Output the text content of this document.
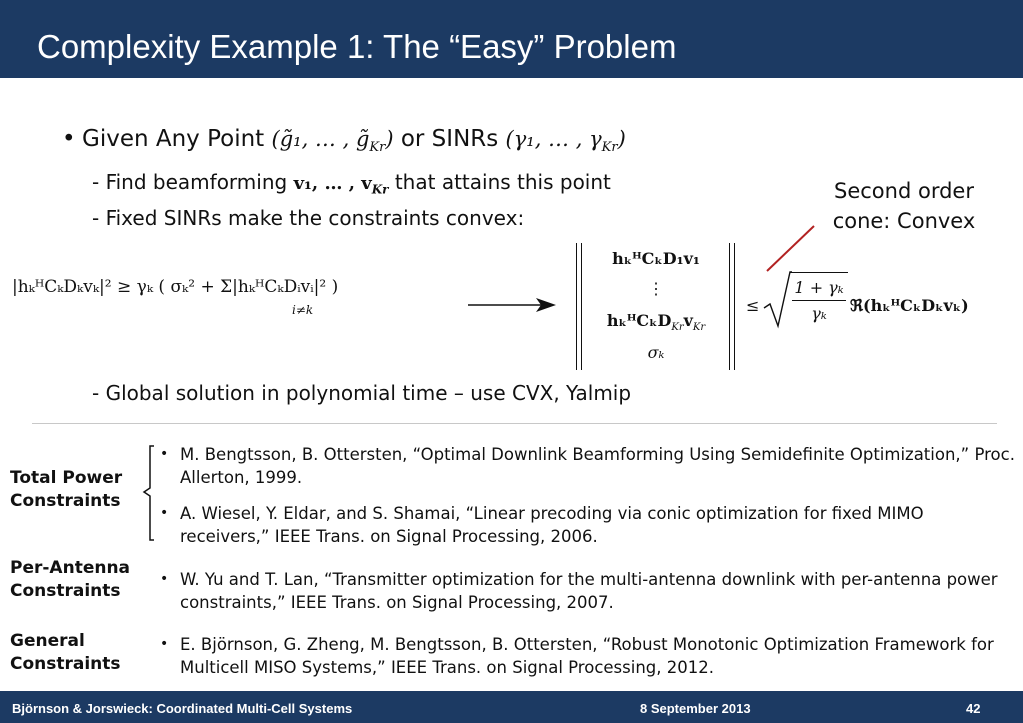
Complexity Example 1: The “Easy” Problem
• Given Any Point (g̃₁, … , $g̃_{Kr}$) or SINRs (γ₁, … , $\gamma_{Kr}$)
- Find beamforming v₁, … , $v_{Kr}$ that attains this point
- Fixed SINRs make the constraints convex:
Second order
cone: Convex
|hₖᴴCₖDₖvₖ|² ≥ γₖ ( σₖ² + Σ|hₖᴴCₖDᵢvᵢ|² )
i≠k
hₖᴴCₖD₁v₁
⋮
$h_kᴴC_kD_{Kr}v_{Kr}$
σₖ
≤
1 + γₖ
γₖ	ℜ(hₖᴴCₖDₖvₖ)
- Global solution in polynomial time – use CVX, Yalmip
Total Power
Constraints
Per-Antenna
Constraints
General
Constraints
• M. Bengtsson, B. Ottersten, “Optimal Downlink Beamforming Using Semidefinite Optimization,” Proc. Allerton, 1999.
• A. Wiesel, Y. Eldar, and S. Shamai, “Linear precoding via conic optimization for fixed MIMO receivers,” IEEE Trans. on Signal Processing, 2006.
• W. Yu and T. Lan, “Transmitter optimization for the multi-antenna downlink with per-antenna power constraints,” IEEE Trans. on Signal Processing, 2007.
• E. Björnson, G. Zheng, M. Bengtsson, B. Ottersten, “Robust Monotonic Optimization Framework for Multicell MISO Systems,” IEEE Trans. on Signal Processing, 2012.
Björnson & Jorswieck: Coordinated Multi-Cell Systems	8 September 2013	42
